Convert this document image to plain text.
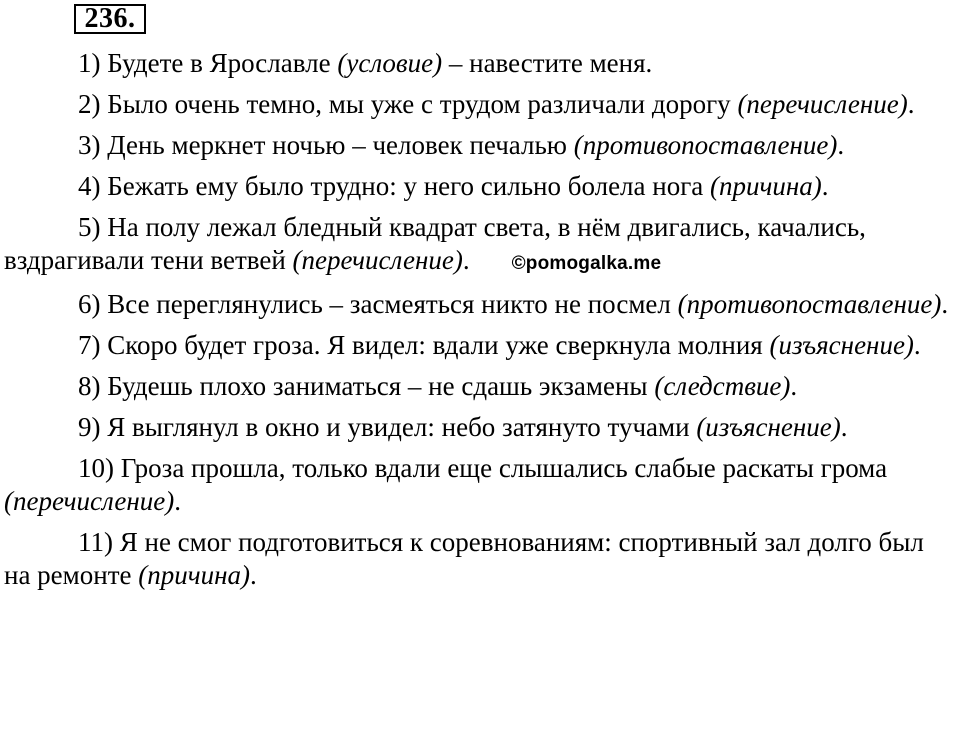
236.
1) Будете в Ярославле (условие) – навестите меня.
2) Было очень темно, мы уже с трудом различали дорогу (перечисление).
3) День меркнет ночью – человек печалью (противопоставление).
4) Бежать ему было трудно: у него сильно болела нога (причина).
5) На полу лежал бледный квадрат света, в нём двигались, качались, вздрагивали тени ветвей (перечисление). ©pomogalka.me
6) Все переглянулись – засмеяться никто не посмел (противопоставление).
7) Скоро будет гроза. Я видел: вдали уже сверкнула молния (изъяснение).
8) Будешь плохо заниматься – не сдашь экзамены (следствие).
9) Я выглянул в окно и увидел: небо затянуто тучами (изъяснение).
10) Гроза прошла, только вдали еще слышались слабые раскаты грома (перечисление).
11) Я не смог подготовиться к соревнованиям: спортивный зал долго был на ремонте (причина).
